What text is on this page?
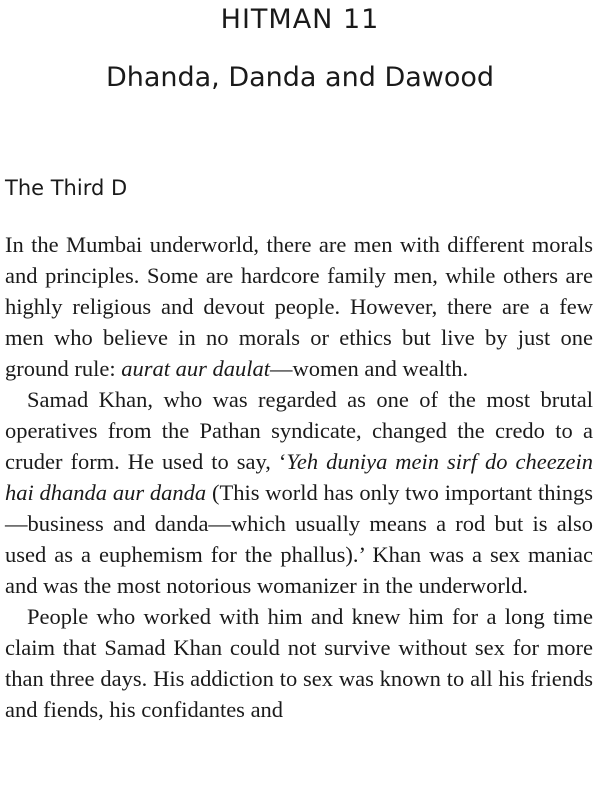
HITMAN 11
Dhanda, Danda and Dawood
The Third D

In the Mumbai underworld, there are men with different morals and principles. Some are hardcore family men, while others are highly religious and devout people. However, there are a few men who believe in no morals or ethics but live by just one ground rule: aurat aur daulat—women and wealth.

Samad Khan, who was regarded as one of the most brutal operatives from the Pathan syndicate, changed the credo to a cruder form. He used to say, ‘Yeh duniya mein sirf do cheezein hai dhanda aur danda (This world has only two important things—business and danda—which usually means a rod but is also used as a euphemism for the phallus).’ Khan was a sex maniac and was the most notorious womanizer in the underworld.

People who worked with him and knew him for a long time claim that Samad Khan could not survive without sex for more than three days. His addiction to sex was known to all his friends and fiends, his confidantes and
